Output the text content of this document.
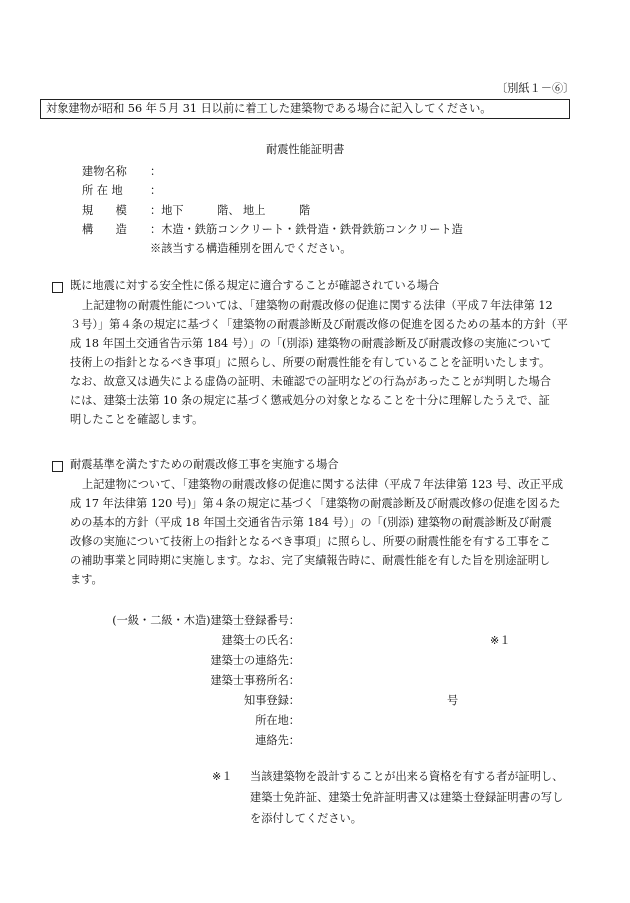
〔別紙１－⑥〕
対象建物が昭和 56 年５月 31 日以前に着工した建築物である場合に記入してください。
耐震性能証明書
建物名称	：
所 在 地	：
規　　模	：地下　　　階、 地上　　　階
構　　造	：木造・鉄筋コンクリート・鉄骨造・鉄骨鉄筋コンクリート造
※該当する構造種別を囲んでください。
既に地震に対する安全性に係る規定に適合することが確認されている場合
上記建物の耐震性能については、「建築物の耐震改修の促進に関する法律（平成７年法律第 12
３号）」第４条の規定に基づく「建築物の耐震診断及び耐震改修の促進を図るための基本的方針（平
成 18 年国土交通省告示第 184 号）」の「(別添) 建築物の耐震診断及び耐震改修の実施について
技術上の指針となるべき事項」に照らし、所要の耐震性能を有していることを証明いたします。
なお、故意又は過失による虚偽の証明、未確認での証明などの行為があったことが判明した場合
には、建築士法第 10 条の規定に基づく懲戒処分の対象となることを十分に理解したうえで、証
明したことを確認します。
耐震基準を満たすための耐震改修工事を実施する場合
上記建物について、「建築物の耐震改修の促進に関する法律（平成７年法律第 123 号、改正平成
成 17 年法律第 120 号)」第４条の規定に基づく「建築物の耐震診断及び耐震改修の促進を図るた
めの基本的方針（平成 18 年国土交通省告示第 184 号）」の「(別添) 建築物の耐震診断及び耐震
改修の実施について技術上の指針となるべき事項」に照らし、所要の耐震性能を有する工事をこ
の補助事業と同時期に実施します。なお、完了実績報告時に、耐震性能を有した旨を別途証明し
ます。
(一級・二級・木造)建築士登録番号：
建築士の氏名：	※１
建築士の連絡先：
建築士事務所名：
知事登録：	号
所在地：
連絡先：
※１ 当該建築物を設計することが出来る資格を有する者が証明し、
建築士免許証、建築士免許証明書又は建築士登録証明書の写し
を添付してください。
